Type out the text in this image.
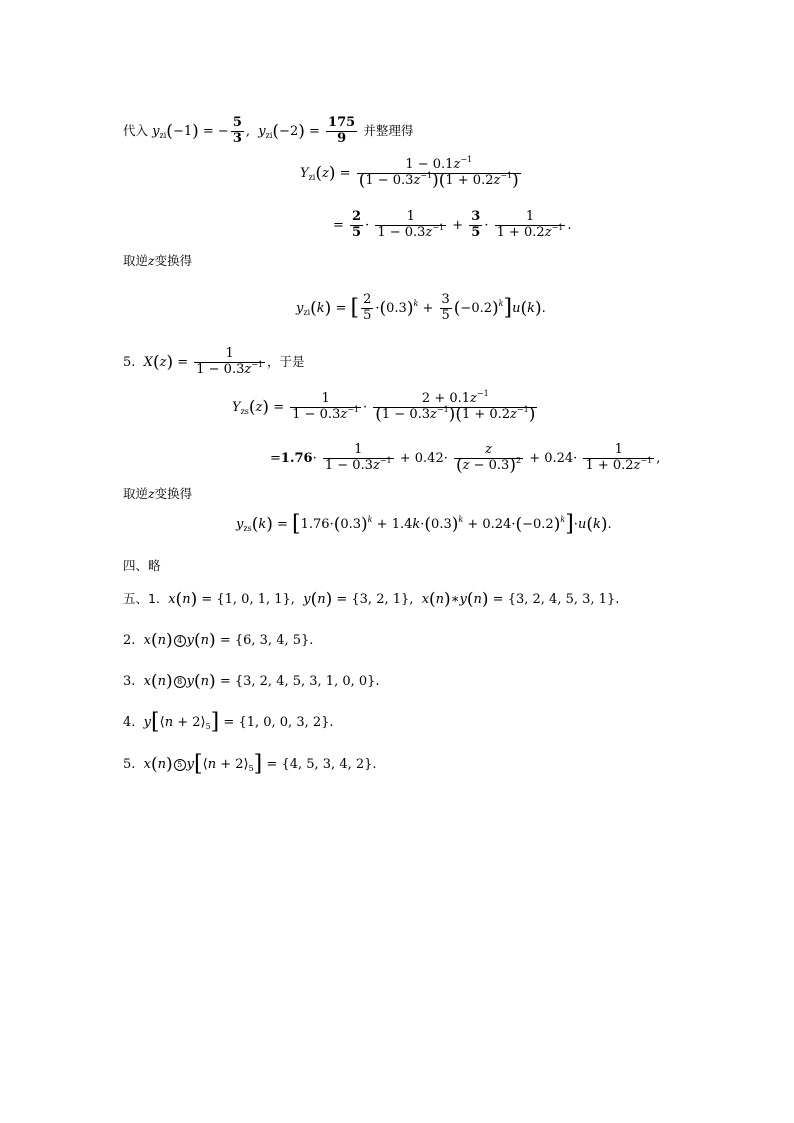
代入 $y_{zi}(-1)$ = − $\frac{5}{3}$ ,  $y_{zi}(-2) = \frac{175}{9}$ 并整理得
$Y_{zi}(z) = \frac{1 - 0.1z^{-1}}{(1 - 0.3z^{-1})(1 + 0.2z^{-1})}$
= $\frac{2}{5} \cdot \frac{1}{1 - 0.3z^{-1}} + \frac{3}{5} \cdot \frac{1}{1 + 0.2z^{-1}}$ .
取逆z变换得
$y_{zi}(k)$ = [ $\frac{2}{5} \cdot(0.3)^k + \frac{3}{5} (-0.2)^k]u(k)$.
5. $X(z) = \frac{1}{1 - 0.3z^{-1}}$ ，于是
$Y_{zs}(z) = \frac{1}{1 - 0.3z^{-1}} \cdot \frac{2 + 0.1z^{-1}}{(1 - 0.3z^{-1})(1 + 0.2z^{-1})}$
$=1.76\cdot \frac{1}{1 - 0.3z^{-1}} + 0.42\cdot \frac{z}{(z - 0.3)^2} + 0.24\cdot \frac{1}{1 + 0.2z^{-1}}$ ,
取逆z变换得
$y_{zs}(k) = [1.76\cdot(0.3)^k + 1.4k\cdot(0.3)^k + 0.24\cdot(-0.2)^k]\cdot u(k)$.
四、略
五、1. x(n) = {1, 0, 1, 1},  y(n) = {3, 2, 1},  x(n)∗y(n) = {3, 2, 4, 5, 3, 1}.
2. x(n) 4 y(n) = {6, 3, 4, 5}.
3. x(n) 8 y(n) = {3, 2, 4, 5, 3, 1, 0, 0}.
4. y[⟨n + $2⟩_5] = \{1$, 0, 0, 3, 2}.
5. x(n) 5 y[⟨n + $2⟩_5] = \{4$, 5, 3, 4, 2}.
